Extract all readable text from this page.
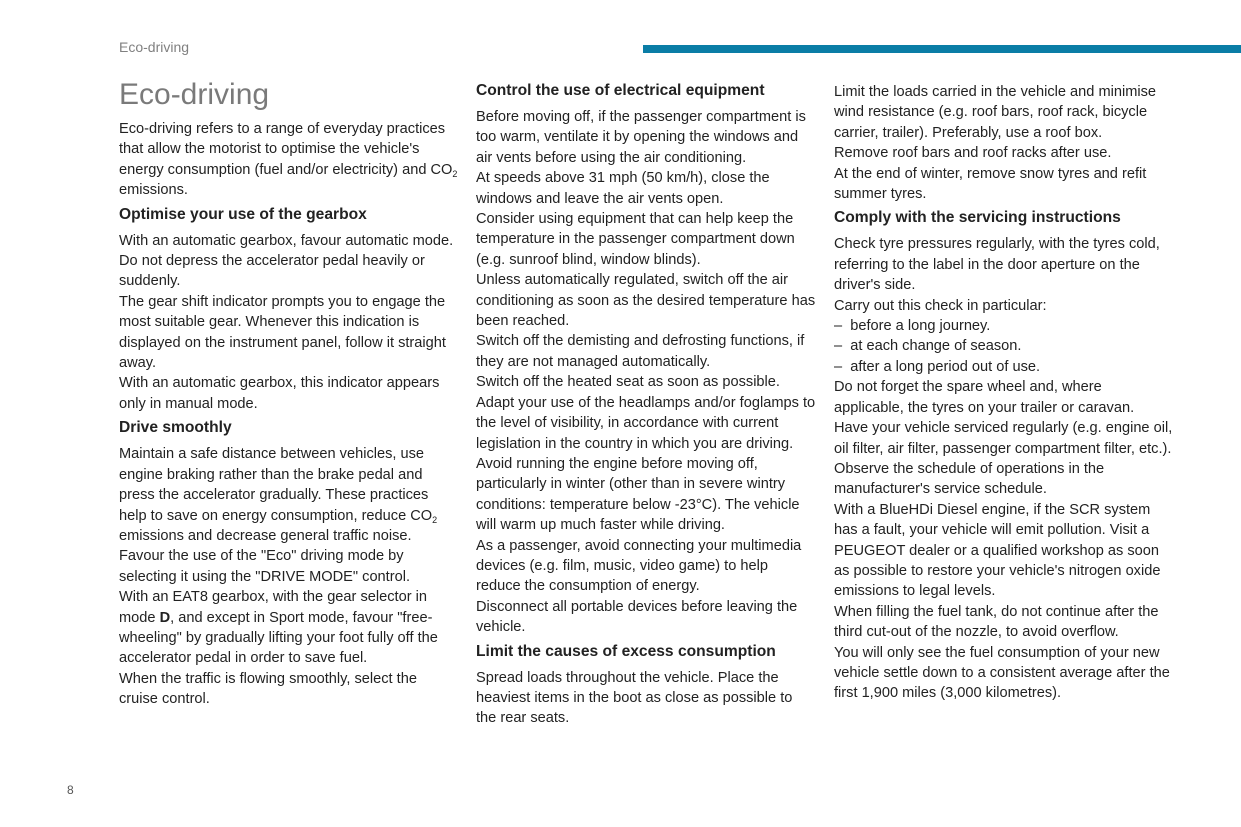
Eco-driving
Eco-driving

Eco-driving refers to a range of everyday practices that allow the motorist to optimise the vehicle's energy consumption (fuel and/or electricity) and $CO_2$ emissions.

Optimise your use of the gearbox

With an automatic gearbox, favour automatic mode. Do not depress the accelerator pedal heavily or suddenly.

The gear shift indicator prompts you to engage the most suitable gear. Whenever this indication is displayed on the instrument panel, follow it straight away.

With an automatic gearbox, this indicator appears only in manual mode.

Drive smoothly

Maintain a safe distance between vehicles, use engine braking rather than the brake pedal and press the accelerator gradually. These practices help to save on energy consumption, reduce $CO_2$ emissions and decrease general traffic noise.

Favour the use of the "Eco" driving mode by selecting it using the "DRIVE MODE" control.

With an EAT8 gearbox, with the gear selector in mode D, and except in Sport mode, favour "free-wheeling" by gradually lifting your foot fully off the accelerator pedal in order to save fuel.

When the traffic is flowing smoothly, select the cruise control.

Control the use of electrical equipment

Before moving off, if the passenger compartment is too warm, ventilate it by opening the windows and air vents before using the air conditioning.

At speeds above 31 mph (50 km/h), close the windows and leave the air vents open.

Consider using equipment that can help keep the temperature in the passenger compartment down (e.g. sunroof blind, window blinds).

Unless automatically regulated, switch off the air conditioning as soon as the desired temperature has been reached.

Switch off the demisting and defrosting functions, if they are not managed automatically.

Switch off the heated seat as soon as possible.

Adapt your use of the headlamps and/or foglamps to the level of visibility, in accordance with current legislation in the country in which you are driving.

Avoid running the engine before moving off, particularly in winter (other than in severe wintry conditions: temperature below -23°C). The vehicle will warm up much faster while driving.

As a passenger, avoid connecting your multimedia devices (e.g. film, music, video game) to help reduce the consumption of energy.

Disconnect all portable devices before leaving the vehicle.

Limit the causes of excess consumption

Spread loads throughout the vehicle. Place the heaviest items in the boot as close as possible to the rear seats.

Limit the loads carried in the vehicle and minimise wind resistance (e.g. roof bars, roof rack, bicycle carrier, trailer). Preferably, use a roof box.

Remove roof bars and roof racks after use.

At the end of winter, remove snow tyres and refit summer tyres.

Comply with the servicing instructions

Check tyre pressures regularly, with the tyres cold, referring to the label in the door aperture on the driver's side.

Carry out this check in particular:

– before a long journey.
– at each change of season.
– after a long period out of use.

Do not forget the spare wheel and, where applicable, the tyres on your trailer or caravan.

Have your vehicle serviced regularly (e.g. engine oil, oil filter, air filter, passenger compartment filter, etc.). Observe the schedule of operations in the manufacturer's service schedule.

With a BlueHDi Diesel engine, if the SCR system has a fault, your vehicle will emit pollution. Visit a PEUGEOT dealer or a qualified workshop as soon as possible to restore your vehicle's nitrogen oxide emissions to legal levels.

When filling the fuel tank, do not continue after the third cut-out of the nozzle, to avoid overflow.

You will only see the fuel consumption of your new vehicle settle down to a consistent average after the first 1,900 miles (3,000 kilometres).

8
